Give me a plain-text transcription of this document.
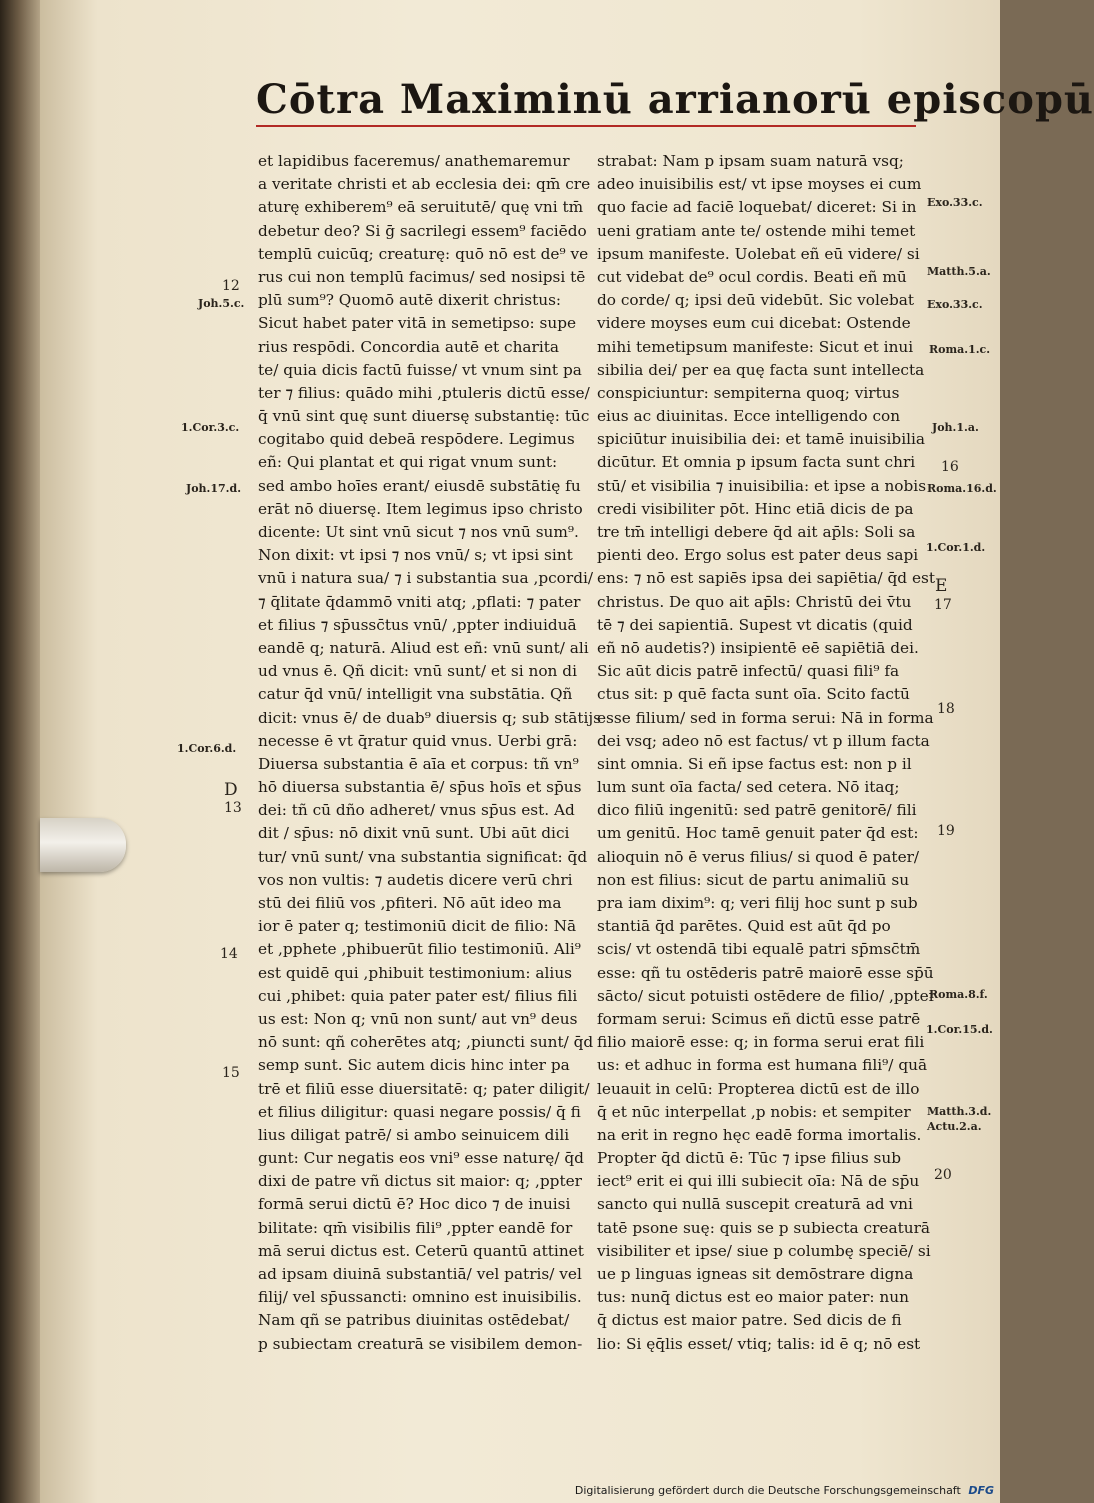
Cōtra Maximinū arrianorū episcopū
et lapidibus faceremus/ anathemaremur
a veritate christi et ab ecclesia dei: qm̄ cre
aturę exhiberem⁹ eā seruitutē/ quę vni tm̄
debetur deo? Si ḡ sacrilegi essem⁹ faciēdo
templū cuicūq; creaturę: quō nō est de⁹ ve
rus cui non templū facimus/ sed nosipsi tē
plū sum⁹? Quomō autē dixerit christus:
Sicut habet pater vitā in semetipso: supe
rius respōdi. Concordia autē et charita
te/ quia dicis factū fuisse/ vt vnum sint pa
ter ⁊ filius: quādo mihi ,ptuleris dictū esse/
q̄ vnū sint quę sunt diuersę substantię: tūc
cogitabo quid debeā respōdere. Legimus
eñ: Qui plantat et qui rigat vnum sunt:
sed ambo hoīes erant/ eiusdē substātię fu
erāt nō diuersę. Item legimus ipso christo
dicente: Ut sint vnū sicut ⁊ nos vnū sum⁹.
Non dixit: vt ipsi ⁊ nos vnū/ s; vt ipsi sint
vnū i natura sua/ ⁊ i substantia sua ,pcordi/
⁊ q̄litate q̄dammō vniti atq; ,pflati: ⁊ pater
et filius ⁊ sp̄ussc̄tus vnū/ ,ppter indiuiduā
eandē q; naturā. Aliud est eñ: vnū sunt/ ali
ud vnus ē. Qñ dicit: vnū sunt/ et si non di
catur q̄d vnū/ intelligit vna substātia. Qñ
dicit: vnus ē/ de duab⁹ diuersis q; sub stātijs
necesse ē vt q̄ratur quid vnus. Uerbi grā:
Diuersa substantia ē aīa et corpus: tñ vn⁹
hō diuersa substantia ē/ sp̄us hoīs et sp̄us
dei: tñ cū dño adheret/ vnus sp̄us est. Ad
dit / sp̄us: nō dixit vnū sunt. Ubi aūt dici
tur/ vnū sunt/ vna substantia significat: q̄d
vos non vultis: ⁊ audetis dicere verū chri
stū dei filiū vos ,pfiteri. Nō aūt ideo ma
ior ē pater q; testimoniū dicit de filio: Nā
et ,pphete ,phibuerūt filio testimoniū. Ali⁹
est quidē qui ,phibuit testimonium: alius
cui ,phibet: quia pater pater est/ filius fili
us est: Non q; vnū non sunt/ aut vn⁹ deus
nō sunt: qñ coherētes atq; ,piuncti sunt/ q̄d
semp sunt. Sic autem dicis hinc inter pa
trē et filiū esse diuersitatē: q; pater diligit/
et filius diligitur: quasi negare possis/ q̄ fi
lius diligat patrē/ si ambo seinuicem dili
gunt: Cur negatis eos vni⁹ esse naturę/ q̄d
dixi de patre vñ dictus sit maior: q; ,ppter
formā serui dictū ē? Hoc dico ⁊ de inuisi
bilitate: qm̄ visibilis fili⁹ ,ppter eandē for
mā serui dictus est. Ceterū quantū attinet
ad ipsam diuinā substantiā/ vel patris/ vel
filij/ vel sp̄ussancti: omnino est inuisibilis.
Nam qñ se patribus diuinitas ostēdebat/
p subiectam creaturā se visibilem demon-
strabat: Nam p ipsam suam naturā vsq;
adeo inuisibilis est/ vt ipse moyses ei cum
quo facie ad faciē loquebat/ diceret: Si in
ueni gratiam ante te/ ostende mihi temet
ipsum manifeste. Uolebat eñ eū videre/ si
cut videbat de⁹ ocul cordis. Beati eñ mū
do corde/ q; ipsi deū videbūt. Sic volebat
videre moyses eum cui dicebat: Ostende
mihi temetipsum manifeste: Sicut et inui
sibilia dei/ per ea quę facta sunt intellecta
conspiciuntur: sempiterna quoq; virtus
eius ac diuinitas. Ecce intelligendo con
spiciūtur inuisibilia dei: et tamē inuisibilia
dicūtur. Et omnia p ipsum facta sunt chri
stū/ et visibilia ⁊ inuisibilia: et ipse a nobis
credi visibiliter pōt. Hinc etiā dicis de pa
tre tm̄ intelligi debere q̄d ait ap̄ls: Soli sa
pienti deo. Ergo solus est pater deus sapi
ens: ⁊ nō est sapiēs ipsa dei sapiētia/ q̄d est
christus. De quo ait ap̄ls: Christū dei v̄tu
tē ⁊ dei sapientiā. Supest vt dicatis (quid
eñ nō audetis?) insipientē eē sapiētiā dei.
Sic aūt dicis patrē infectū/ quasi fili⁹ fa
ctus sit: p quē facta sunt oīa. Scito factū
esse filium/ sed in forma serui: Nā in forma
dei vsq; adeo nō est factus/ vt p illum facta
sint omnia. Si eñ ipse factus est: non p il
lum sunt oīa facta/ sed cetera. Nō itaq;
dico filiū ingenitū: sed patrē genitorē/ fili
um genitū. Hoc tamē genuit pater q̄d est:
alioquin nō ē verus filius/ si quod ē pater/
non est filius: sicut de partu animaliū su
pra iam dixim⁹: q; veri filij hoc sunt p sub
stantiā q̄d parētes. Quid est aūt q̄d po
scis/ vt ostendā tibi equalē patri sp̄msc̄tm̄
esse: qñ tu ostēderis patrē maiorē esse sp̄ū
sācto/ sicut potuisti ostēdere de filio/ ,ppter
formam serui: Scimus eñ dictū esse patrē
filio maiorē esse: q; in forma serui erat fili
us: et adhuc in forma est humana fili⁹/ quā
leuauit in celū: Propterea dictū est de illo
q̄ et nūc interpellat ,p nobis: et sempiter
na erit in regno hęc eadē forma imortalis.
Propter q̄d dictū ē: Tūc ⁊ ipse filius sub
iect⁹ erit ei qui illi subiecit oīa: Nā de sp̄u
sancto qui nullā suscepit creaturā ad vni
tatē psone suę: quis se p subiecta creaturā
visibiliter et ipse/ siue p columbę speciē/ si
ue p linguas igneas sit demōstrare digna
tus: nunq̄ dictus est eo maior pater: nun
q̄ dictus est maior patre. Sed dicis de fi
lio: Si ęq̄lis esset/ vtiq; talis: id ē q; nō est
12
Joh.5.c.
1.Cor.3.c.
Joh.17.d.
1.Cor.6.d.
D
13
14
15
Exo.33.c.
Matth.5.a.
Exo.33.c.
Roma.1.c.
Joh.1.a.
16
Roma.16.d.
1.Cor.1.d.
E
17
18
19
Roma.8.f.
1.Cor.15.d.
Matth.3.d.
Actu.2.a.
20
Digitalisierung gefördert durch die Deutsche Forschungsgemeinschaft DFG
